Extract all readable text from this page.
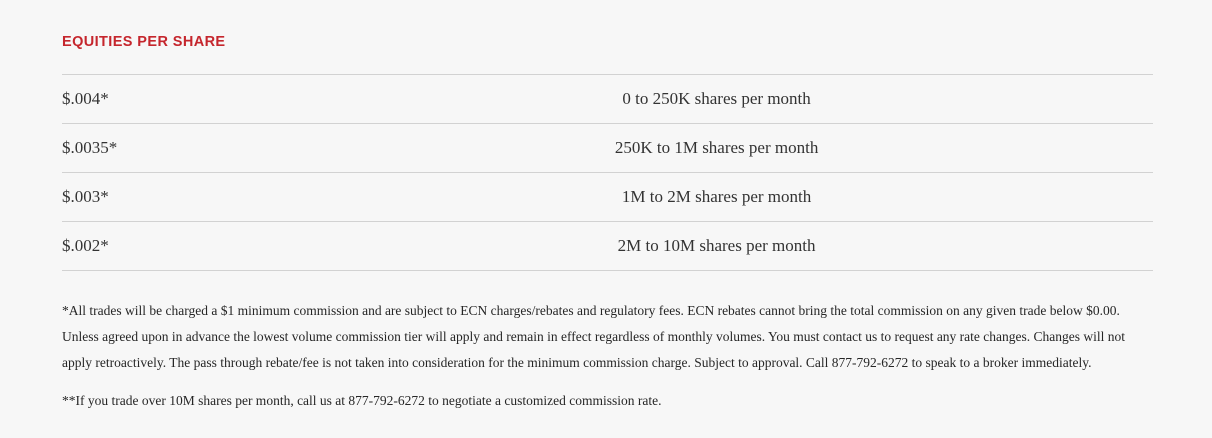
EQUITIES PER SHARE
$.004*	0 to 250K shares per month
$.0035*	250K to 1M shares per month
$.003*	1M to 2M shares per month
$.002*	2M to 10M shares per month

*All trades will be charged a $1 minimum commission and are subject to ECN charges/rebates and regulatory fees. ECN rebates cannot bring the total commission on any given trade below $0.00. Unless agreed upon in advance the lowest volume commission tier will apply and remain in effect regardless of monthly volumes. You must contact us to request any rate changes. Changes will not apply retroactively. The pass through rebate/fee is not taken into consideration for the minimum commission charge. Subject to approval. Call 877-792-6272 to speak to a broker immediately.

**If you trade over 10M shares per month, call us at 877-792-6272 to negotiate a customized commission rate.
